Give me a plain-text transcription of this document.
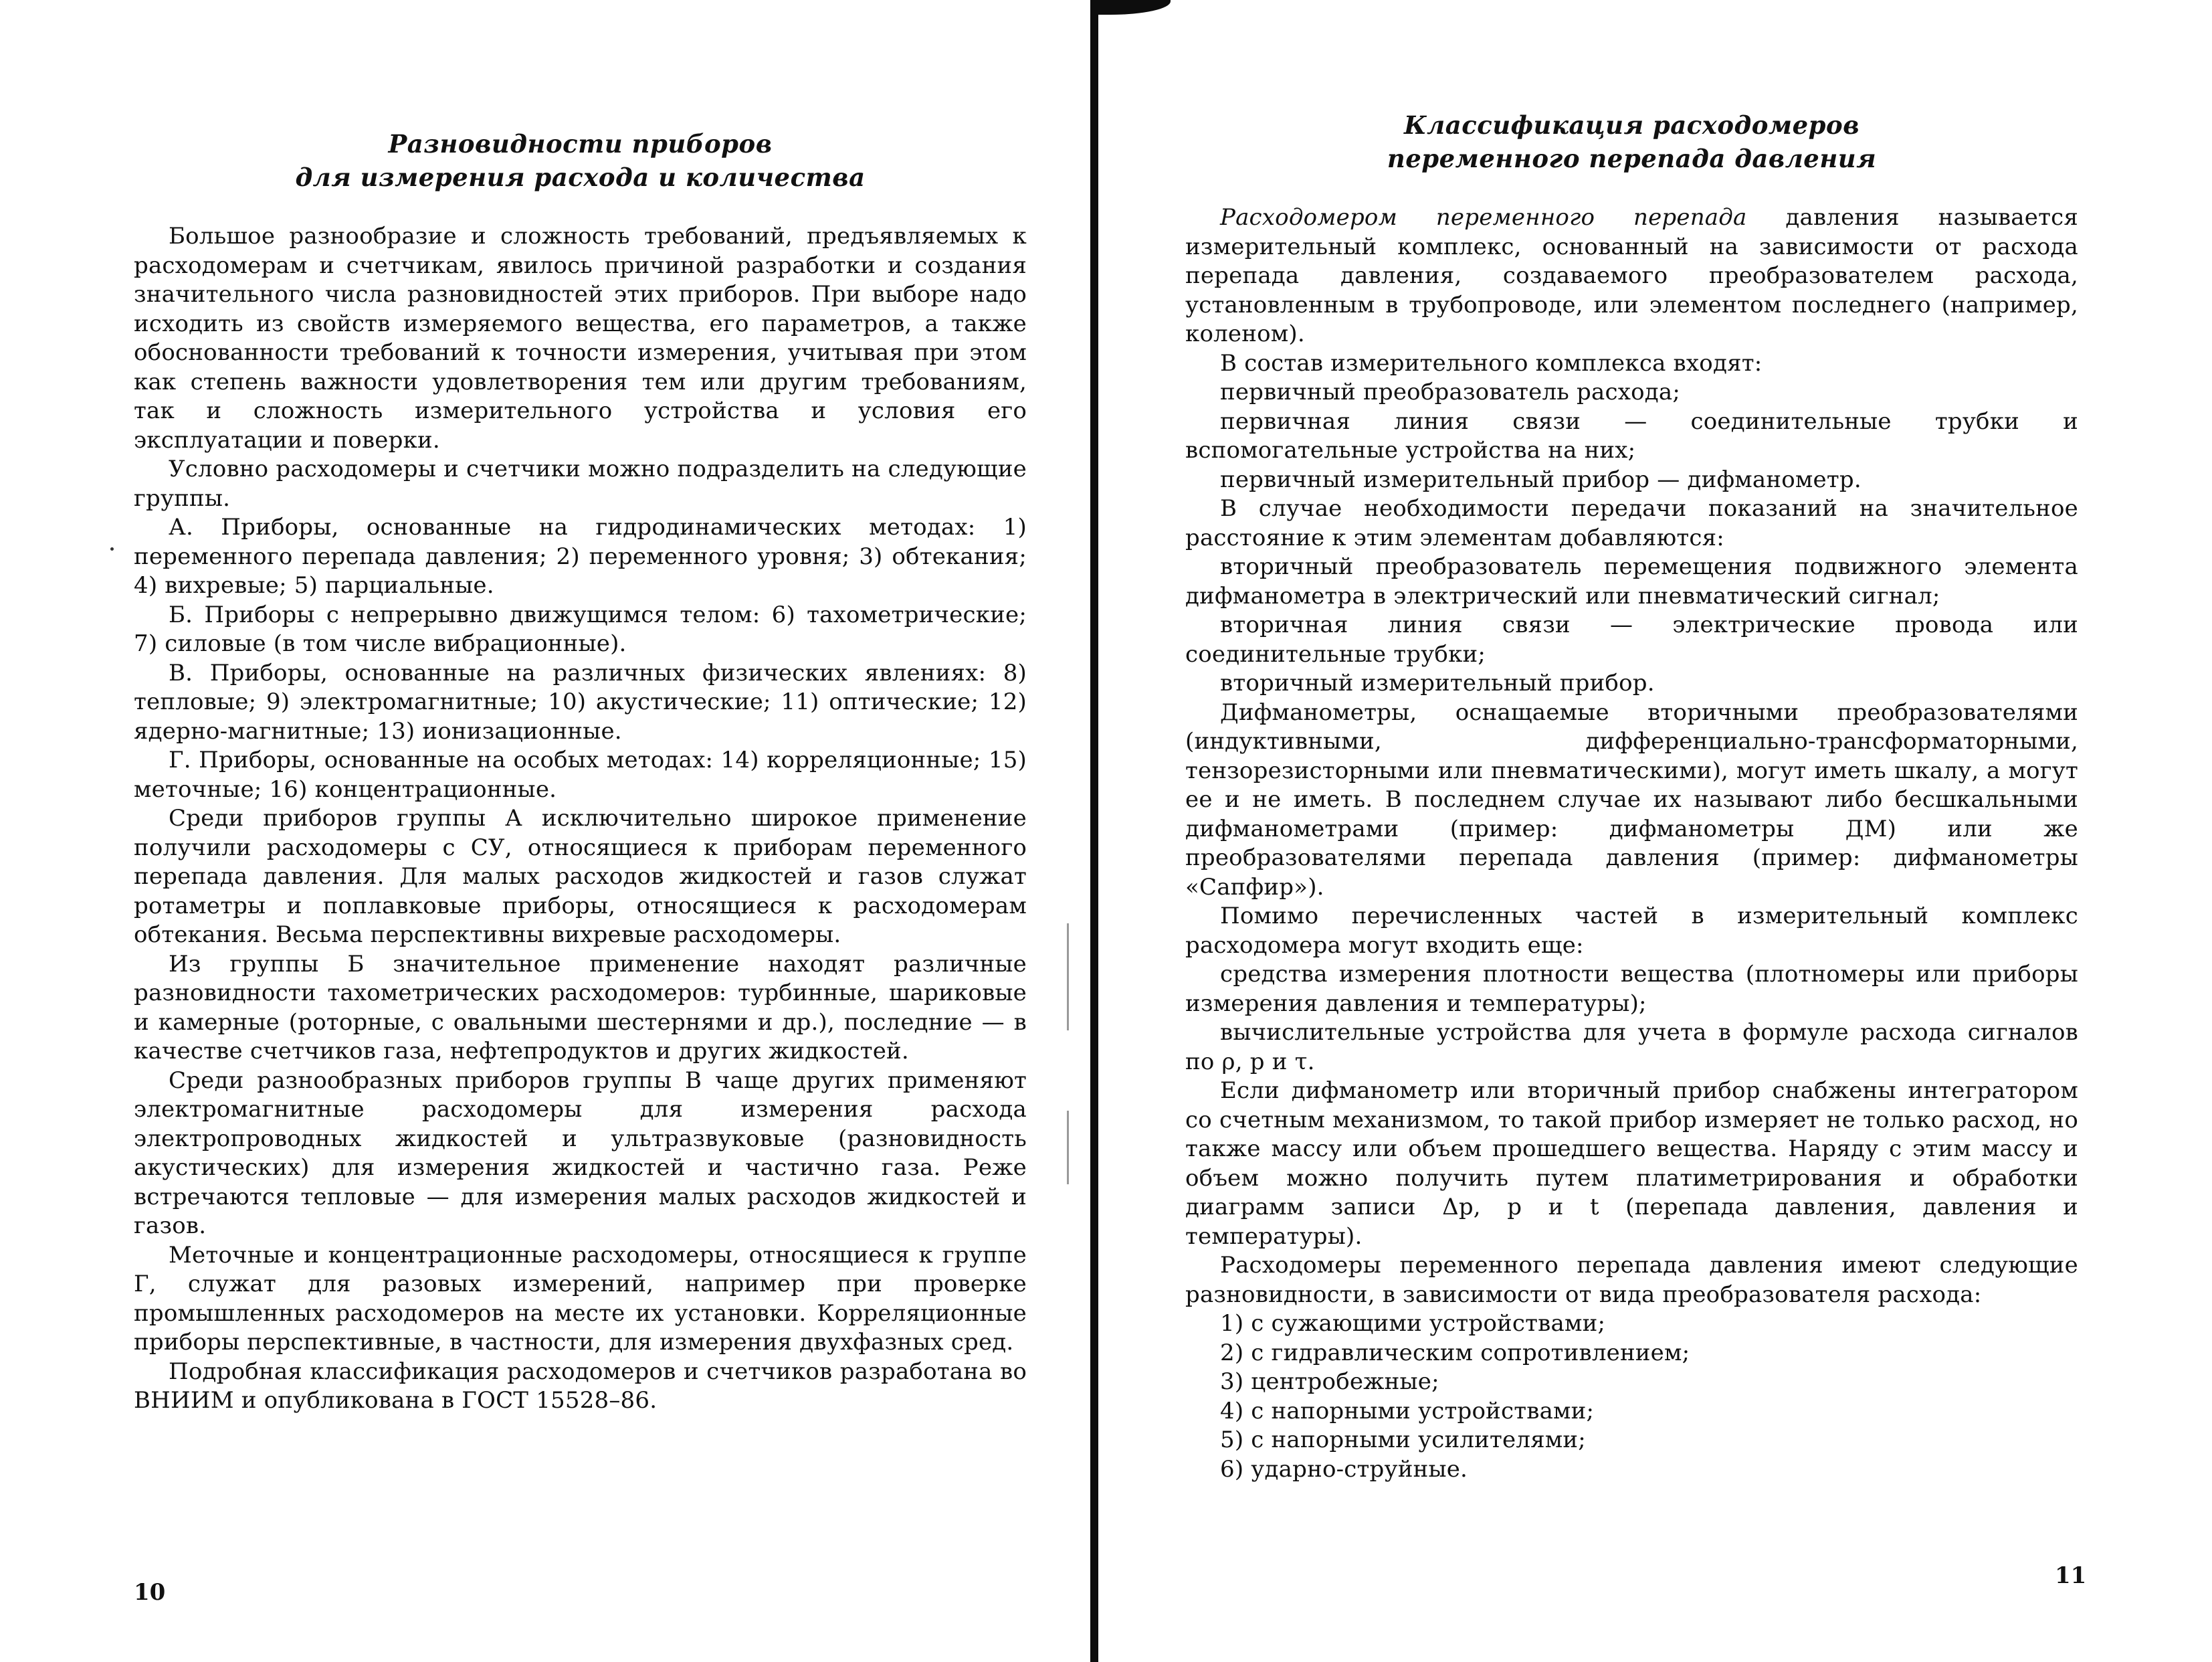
Разновидности приборов
для измерения расхода и количества

Большое разнообразие и сложность требований, предъявляемых к расходомерам и счетчикам, явилось причиной разработки и создания значительного числа разновидностей этих приборов. При выборе надо исходить из свойств измеряемого вещества, его параметров, а также обоснованности требований к точности измерения, учитывая при этом как степень важности удовлетворения тем или другим требованиям, так и сложность измерительного устройства и условия его эксплуатации и поверки.

Условно расходомеры и счетчики можно подразделить на следующие группы.

А. Приборы, основанные на гидродинамических методах: 1) переменного перепада давления; 2) переменного уровня; 3) обтекания; 4) вихревые; 5) парциальные.

Б. Приборы с непрерывно движущимся телом: 6) тахометрические; 7) силовые (в том числе вибрационные).

В. Приборы, основанные на различных физических явлениях: 8) тепловые; 9) электромагнитные; 10) акустические; 11) оптические; 12) ядерно-магнитные; 13) ионизационные.

Г. Приборы, основанные на особых методах: 14) корреляционные; 15) меточные; 16) концентрационные.

Среди приборов группы А исключительно широкое применение получили расходомеры с СУ, относящиеся к приборам переменного перепада давления. Для малых расходов жидкостей и газов служат ротаметры и поплавковые приборы, относящиеся к расходомерам обтекания. Весьма перспективны вихревые расходомеры.

Из группы Б значительное применение находят различные разновидности тахометрических расходомеров: турбинные, шариковые и камерные (роторные, с овальными шестернями и др.), последние — в качестве счетчиков газа, нефтепродуктов и других жидкостей.

Среди разнообразных приборов группы В чаще других применяют электромагнитные расходомеры для измерения расхода электропроводных жидкостей и ультразвуковые (разновидность акустических) для измерения жидкостей и частично газа. Реже встречаются тепловые — для измерения малых расходов жидкостей и газов.

Меточные и концентрационные расходомеры, относящиеся к группе Г, служат для разовых измерений, например при проверке промышленных расходомеров на месте их установки. Корреляционные приборы перспективные, в частности, для измерения двухфазных сред.

Подробная классификация расходомеров и счетчиков разработана во ВНИИМ и опубликована в ГОСТ 15528–86.

10
Классификация расходомеров
переменного перепада давления

Расходомером переменного перепада давления называется измерительный комплекс, основанный на зависимости от расхода перепада давления, создаваемого преобразователем расхода, установленным в трубопроводе, или элементом последнего (например, коленом).

В состав измерительного комплекса входят:

первичный преобразователь расхода;

первичная линия связи — соединительные трубки и вспомогательные устройства на них;

первичный измерительный прибор — дифманометр.

В случае необходимости передачи показаний на значительное расстояние к этим элементам добавляются:

вторичный преобразователь перемещения подвижного элемента дифманометра в электрический или пневматический сигнал;

вторичная линия связи — электрические провода или соединительные трубки;

вторичный измерительный прибор.

Дифманометры, оснащаемые вторичными преобразователями (индуктивными, дифференциально-трансформаторными, тензорезисторными или пневматическими), могут иметь шкалу, а могут ее и не иметь. В последнем случае их называют либо бесшкальными дифманометрами (пример: дифманометры ДМ) или же преобразователями перепада давления (пример: дифманометры «Сапфир»).

Помимо перечисленных частей в измерительный комплекс расходомера могут входить еще:

средства измерения плотности вещества (плотномеры или приборы измерения давления и температуры);

вычислительные устройства для учета в формуле расхода сигналов по ρ, p и τ.

Если дифманометр или вторичный прибор снабжены интегратором со счетным механизмом, то такой прибор измеряет не только расход, но также массу или объем прошедшего вещества. Наряду с этим массу и объем можно получить путем платиметрирования и обработки диаграмм записи Δp, p и t (перепада давления, давления и температуры).

Расходомеры переменного перепада давления имеют следующие разновидности, в зависимости от вида преобразователя расхода:

1) с сужающими устройствами;

2) с гидравлическим сопротивлением;

3) центробежные;

4) с напорными устройствами;

5) с напорными усилителями;

6) ударно-струйные.

11
